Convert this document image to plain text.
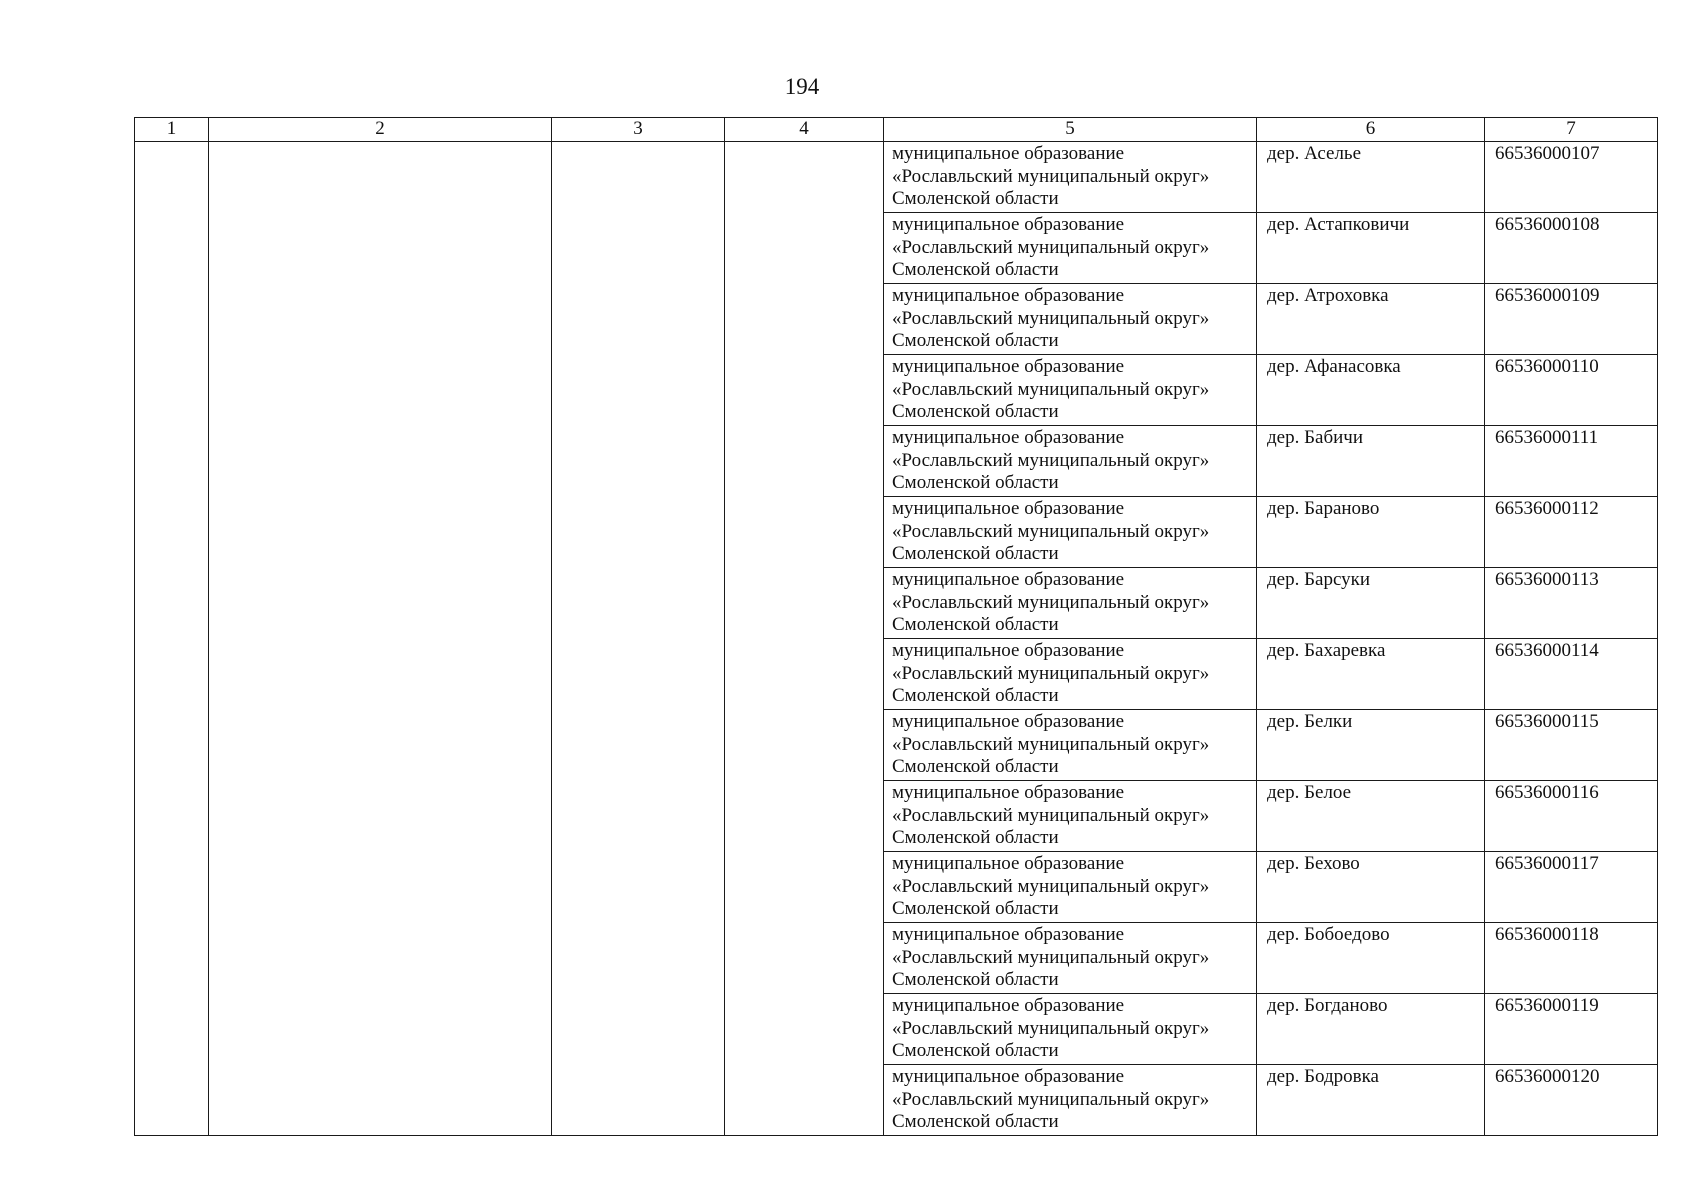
194
1	2	3	4	5	6	7

				муниципальное образование
«Рославльский муниципальный округ»
Смоленской области	дер. Аселье	66536000107

				муниципальное образование
«Рославльский муниципальный округ»
Смоленской области	дер. Астапковичи	66536000108

				муниципальное образование
«Рославльский муниципальный округ»
Смоленской области	дер. Атроховка	66536000109

				муниципальное образование
«Рославльский муниципальный округ»
Смоленской области	дер. Афанасовка	66536000110

				муниципальное образование
«Рославльский муниципальный округ»
Смоленской области	дер. Бабичи	66536000111

				муниципальное образование
«Рославльский муниципальный округ»
Смоленской области	дер. Бараново	66536000112

				муниципальное образование
«Рославльский муниципальный округ»
Смоленской области	дер. Барсуки	66536000113

				муниципальное образование
«Рославльский муниципальный округ»
Смоленской области	дер. Бахаревка	66536000114

				муниципальное образование
«Рославльский муниципальный округ»
Смоленской области	дер. Белки	66536000115

				муниципальное образование
«Рославльский муниципальный округ»
Смоленской области	дер. Белое	66536000116

				муниципальное образование
«Рославльский муниципальный округ»
Смоленской области	дер. Бехово	66536000117

				муниципальное образование
«Рославльский муниципальный округ»
Смоленской области	дер. Бобоедово	66536000118

				муниципальное образование
«Рославльский муниципальный округ»
Смоленской области	дер. Богданово	66536000119

				муниципальное образование
«Рославльский муниципальный округ»
Смоленской области	дер. Бодровка	66536000120
